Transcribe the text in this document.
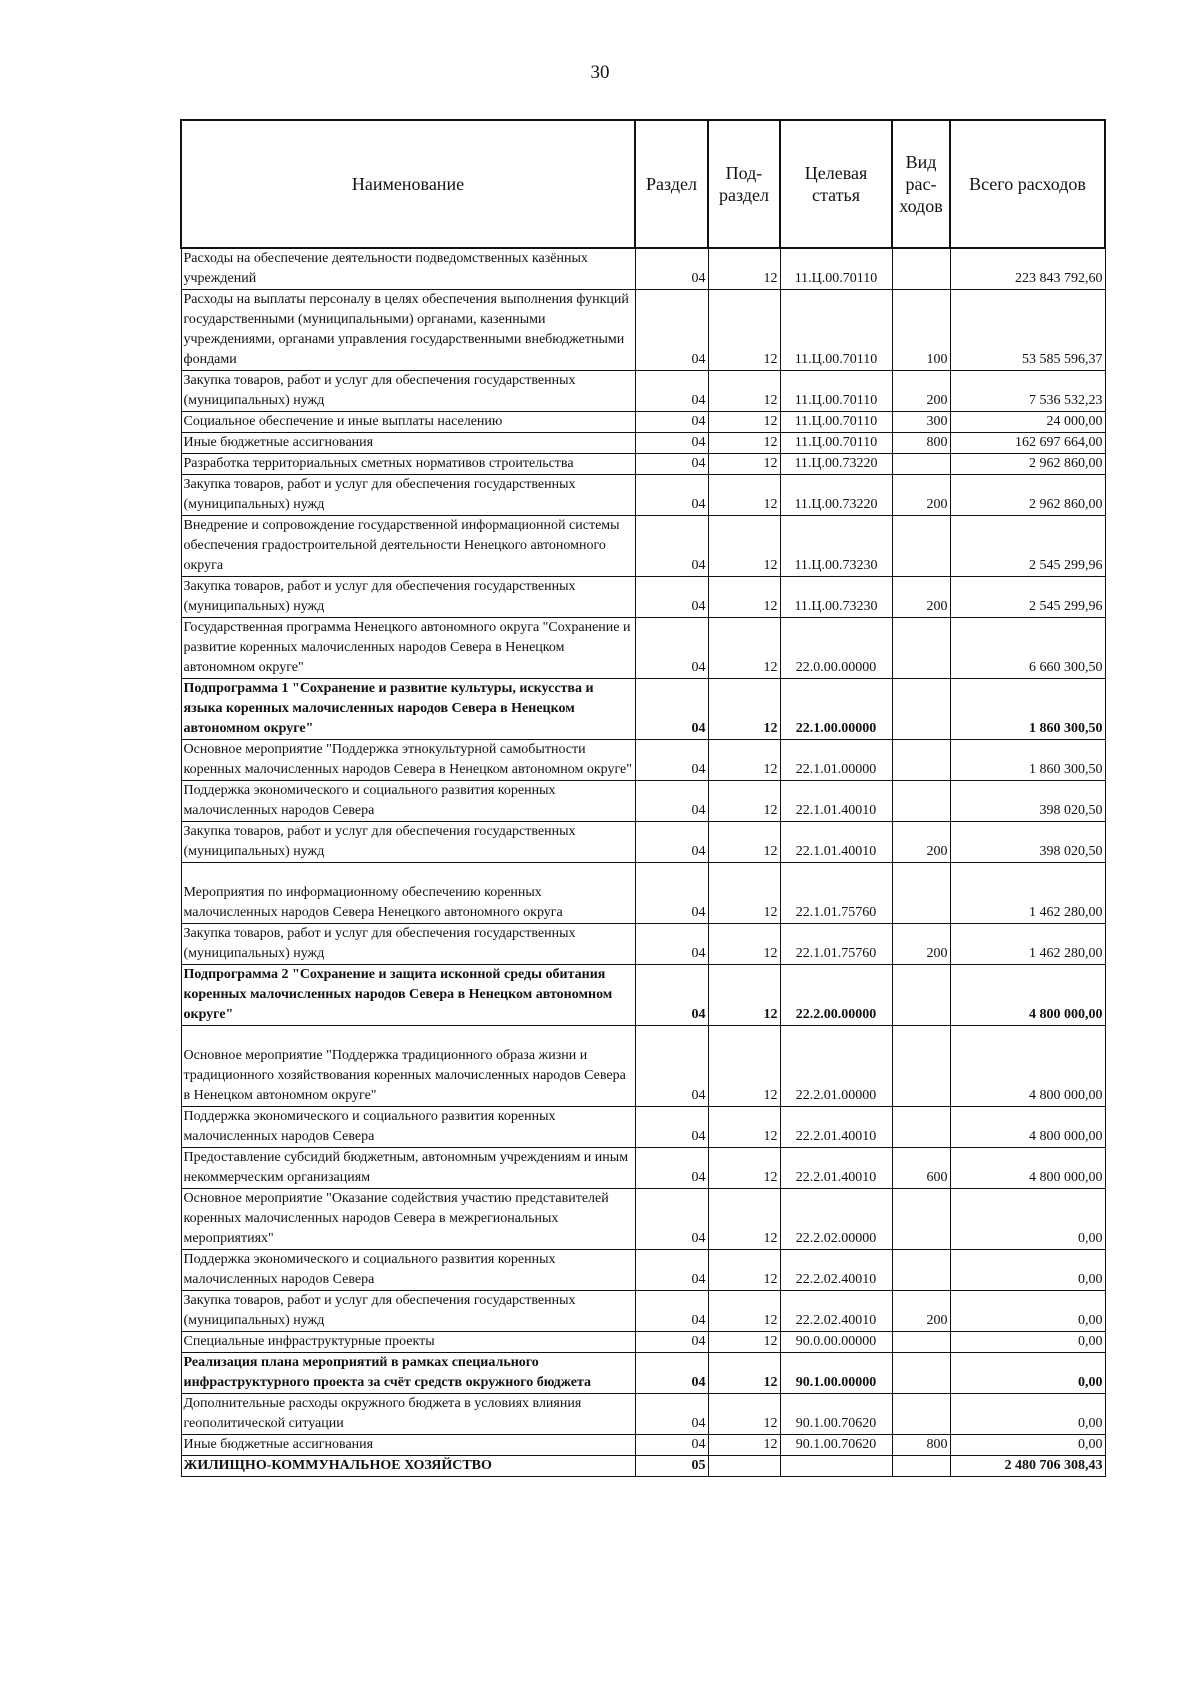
30
Наименование	Раздел	Под-раздел	Целевая статья	Вид рас-ходов	Всего расходов
Расходы на обеспечение деятельности подведомственных казённых учреждений	04	12	11.Ц.00.70110		223 843 792,60
Расходы на выплаты персоналу в целях обеспечения выполнения функций государственными (муниципальными) органами, казенными учреждениями, органами управления государственными внебюджетными фондами	04	12	11.Ц.00.70110	100	53 585 596,37
Закупка товаров, работ и услуг для обеспечения государственных (муниципальных) нужд	04	12	11.Ц.00.70110	200	7 536 532,23
Социальное обеспечение и иные выплаты населению	04	12	11.Ц.00.70110	300	24 000,00
Иные бюджетные ассигнования	04	12	11.Ц.00.70110	800	162 697 664,00
Разработка территориальных сметных нормативов строительства	04	12	11.Ц.00.73220		2 962 860,00
Закупка товаров, работ и услуг для обеспечения государственных (муниципальных) нужд	04	12	11.Ц.00.73220	200	2 962 860,00
Внедрение и сопровождение государственной информационной системы обеспечения градостроительной деятельности Ненецкого автономного округа	04	12	11.Ц.00.73230		2 545 299,96
Закупка товаров, работ и услуг для обеспечения государственных (муниципальных) нужд	04	12	11.Ц.00.73230	200	2 545 299,96
Государственная программа Ненецкого автономного округа "Сохранение и развитие коренных малочисленных народов Севера в Ненецком автономном округе"	04	12	22.0.00.00000		6 660 300,50
Подпрограмма 1 "Сохранение и развитие культуры, искусства и языка коренных малочисленных народов Севера в Ненецком автономном округе"	04	12	22.1.00.00000		1 860 300,50
Основное мероприятие "Поддержка этнокультурной самобытности коренных малочисленных народов Севера в Ненецком автономном округе"	04	12	22.1.01.00000		1 860 300,50
Поддержка экономического и социального развития коренных малочисленных народов Севера	04	12	22.1.01.40010		398 020,50
Закупка товаров, работ и услуг для обеспечения государственных (муниципальных) нужд	04	12	22.1.01.40010	200	398 020,50
Мероприятия по информационному обеспечению коренных малочисленных народов Севера Ненецкого автономного округа	04	12	22.1.01.75760		1 462 280,00
Закупка товаров, работ и услуг для обеспечения государственных (муниципальных) нужд	04	12	22.1.01.75760	200	1 462 280,00
Подпрограмма 2 "Сохранение и защита исконной среды обитания коренных малочисленных народов Севера в Ненецком автономном округе"	04	12	22.2.00.00000		4 800 000,00
Основное мероприятие "Поддержка традиционного образа жизни и традиционного хозяйствования коренных малочисленных народов Севера в Ненецком автономном округе"	04	12	22.2.01.00000		4 800 000,00
Поддержка экономического и социального развития коренных малочисленных народов Севера	04	12	22.2.01.40010		4 800 000,00
Предоставление субсидий бюджетным, автономным учреждениям и иным некоммерческим организациям	04	12	22.2.01.40010	600	4 800 000,00
Основное мероприятие "Оказание содействия участию представителей коренных малочисленных народов Севера в межрегиональных мероприятиях"	04	12	22.2.02.00000		0,00
Поддержка экономического и социального развития коренных малочисленных народов Севера	04	12	22.2.02.40010		0,00
Закупка товаров, работ и услуг для обеспечения государственных (муниципальных) нужд	04	12	22.2.02.40010	200	0,00
Специальные инфраструктурные проекты	04	12	90.0.00.00000		0,00
Реализация плана мероприятий в рамках специального инфраструктурного проекта за счёт средств окружного бюджета	04	12	90.1.00.00000		0,00
Дополнительные расходы окружного бюджета в условиях влияния геополитической ситуации	04	12	90.1.00.70620		0,00
Иные бюджетные ассигнования	04	12	90.1.00.70620	800	0,00
ЖИЛИЩНО-КОММУНАЛЬНОЕ ХОЗЯЙСТВО	05				2 480 706 308,43
